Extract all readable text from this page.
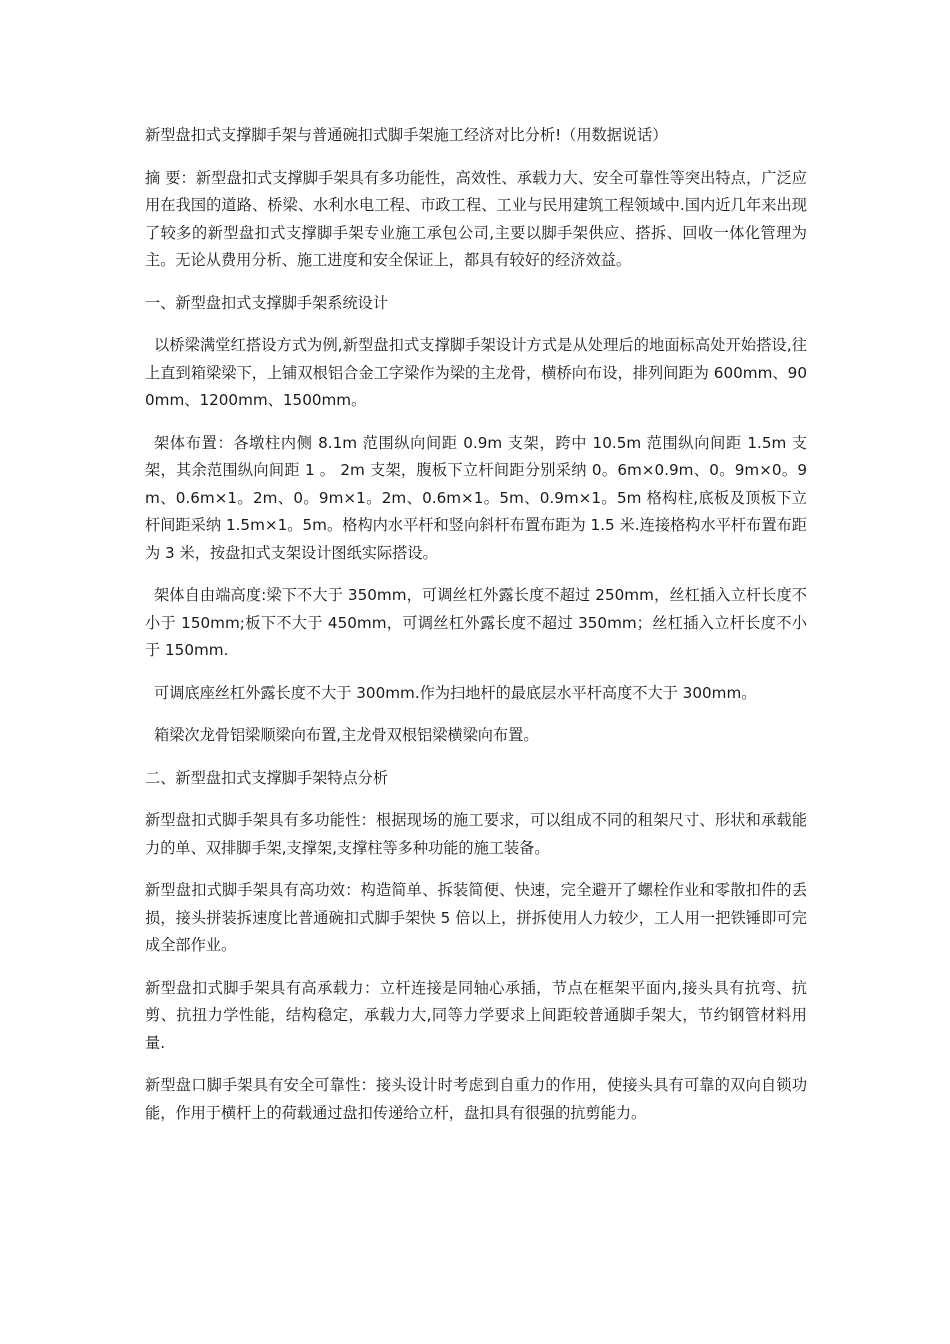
新型盘扣式支撑脚手架与普通碗扣式脚手架施工经济对比分析!（用数据说话）

摘 要：新型盘扣式支撑脚手架具有多功能性，高效性、承载力大、安全可靠性等突出特点，广泛应用在我国的道路、桥梁、水利水电工程、市政工程、工业与民用建筑工程领域中.国内近几年来出现了较多的新型盘扣式支撑脚手架专业施工承包公司,主要以脚手架供应、搭拆、回收一体化管理为主。无论从费用分析、施工进度和安全保证上，都具有较好的经济效益。

一、新型盘扣式支撑脚手架系统设计

以桥梁满堂红搭设方式为例,新型盘扣式支撑脚手架设计方式是从处理后的地面标高处开始搭设,往上直到箱梁梁下，上铺双根铝合金工字梁作为梁的主龙骨，横桥向布设，排列间距为 600mm、900mm、1200mm、1500mm。

架体布置：各墩柱内侧 8.1m 范围纵向间距 0.9m 支架，跨中 10.5m 范围纵向间距 1.5m 支架，其余范围纵向间距 1 。 2m 支架，腹板下立杆间距分别采纳 0。6m×0.9m、0。9m×0。9m、0.6m×1。2m、0。9m×1。2m、0.6m×1。5m、0.9m×1。5m 格构柱,底板及顶板下立杆间距采纳 1.5m×1。5m。格构内水平杆和竖向斜杆布置布距为 1.5 米.连接格构水平杆布置布距为 3 米，按盘扣式支架设计图纸实际搭设。

架体自由端高度:梁下不大于 350mm，可调丝杠外露长度不超过 250mm，丝杠插入立杆长度不小于 150mm;板下不大于 450mm，可调丝杠外露长度不超过 350mm；丝杠插入立杆长度不小于 150mm.

可调底座丝杠外露长度不大于 300mm.作为扫地杆的最底层水平杆高度不大于 300mm。

箱梁次龙骨铝梁顺梁向布置,主龙骨双根铝梁横梁向布置。

二、新型盘扣式支撑脚手架特点分析

新型盘扣式脚手架具有多功能性：根据现场的施工要求，可以组成不同的租架尺寸、形状和承载能力的单、双排脚手架,支撑架,支撑柱等多种功能的施工装备。

新型盘扣式脚手架具有高功效：构造简单、拆装简便、快速，完全避开了螺栓作业和零散扣件的丢损，接头拼装拆速度比普通碗扣式脚手架快 5 倍以上，拼拆使用人力较少，工人用一把铁锤即可完成全部作业。

新型盘扣式脚手架具有高承载力：立杆连接是同轴心承插，节点在框架平面内,接头具有抗弯、抗剪、抗扭力学性能，结构稳定，承载力大,同等力学要求上间距较普通脚手架大，节约钢管材料用量.

新型盘口脚手架具有安全可靠性：接头设计时考虑到自重力的作用，使接头具有可靠的双向自锁功能，作用于横杆上的荷载通过盘扣传递给立杆，盘扣具有很强的抗剪能力。
